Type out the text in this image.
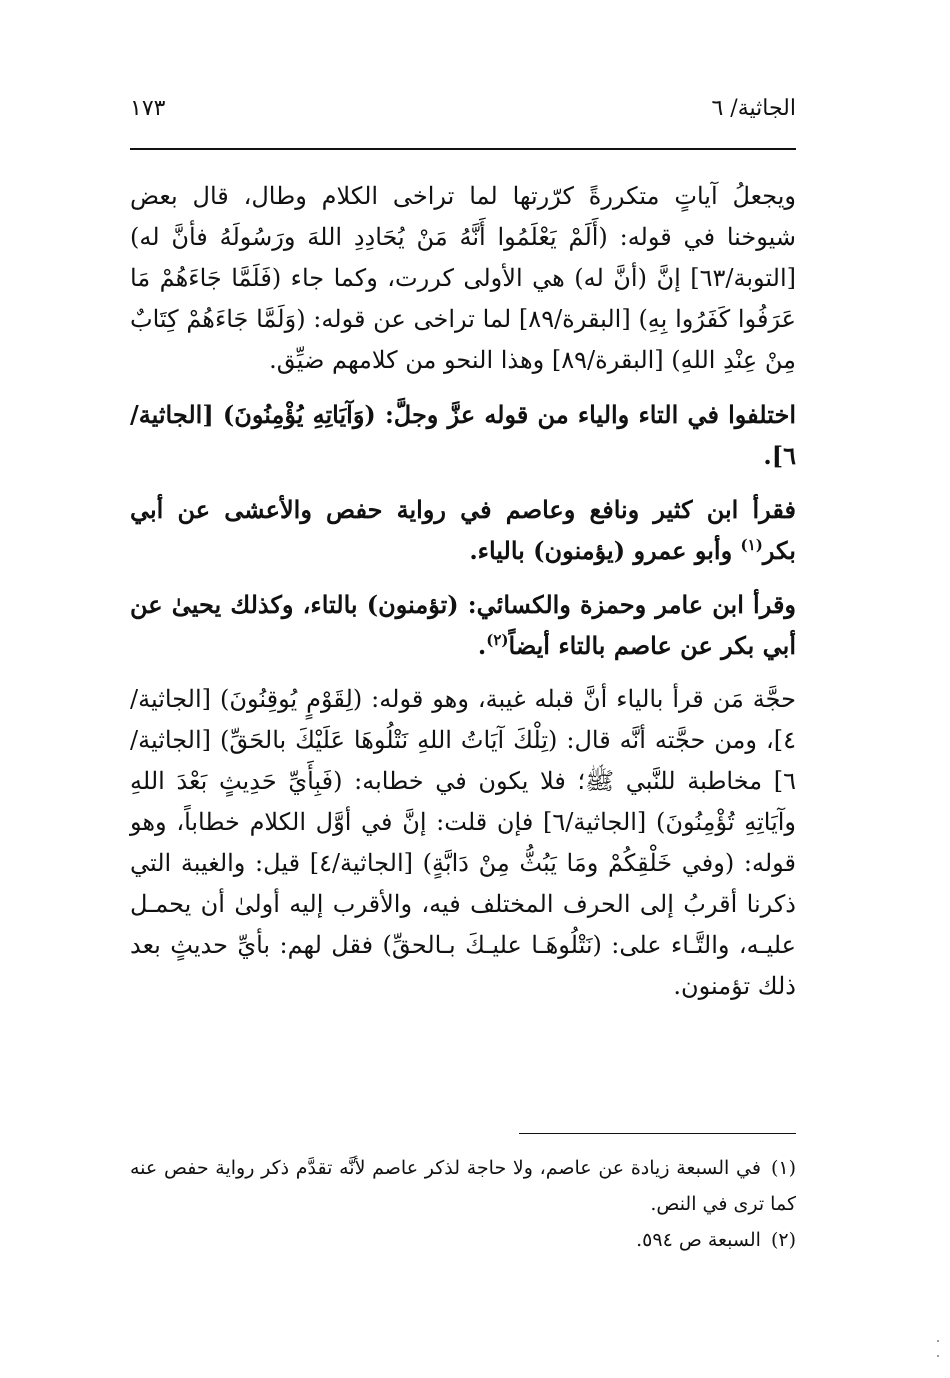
الجاثية/ ٦
١٧٣

ويجعلُ آياتٍ متكررةً كرّرتها لما تراخى الكلام وطال، قال بعض شيوخنا في قوله: (أَلَمْ يَعْلَمُوا أَنَّهُ مَنْ يُحَادِدِ اللهَ ورَسُولَهُ فأنَّ له) [التوبة/٦٣] إنَّ (أنَّ له) هي الأولى كررت، وكما جاء (فَلَمَّا جَاءَهُمْ مَا عَرَفُوا كَفَرُوا بِهِ) [البقرة/٨٩] لما تراخى عن قوله: (وَلَمَّا جَاءَهُمْ كِتَابٌ مِنْ عِنْدِ اللهِ) [البقرة/٨٩] وهذا النحو من كلامهم ضيِّق.

اختلفوا في التاء والياء من قوله عزَّ وجلَّ: (وَآيَاتِهِ يُؤْمِنُونَ) [الجاثية/٦].

فقرأ ابن كثير ونافع وعاصم في رواية حفص والأعشى عن أبي بكر$^{(١)}$ وأبو عمرو (يؤمنون) بالياء.

وقرأ ابن عامر وحمزة والكسائي: (تؤمنون) بالتاء، وكذلك يحيىٰ عن أبي بكر عن عاصم بالتاء أيضاً$^{(٢)}$.

حجَّة مَن قرأ بالياء أنَّ قبله غيبة، وهو قوله: (لِقَوْمٍ يُوقِنُونَ) [الجاثية/٤]، ومن حجَّته أنَّه قال: (تِلْكَ آيَاتُ اللهِ نَتْلُوهَا عَلَيْكَ بالحَقِّ) [الجاثية/٦] مخاطبة للنَّبي ﷺ؛ فلا يكون في خطابه: (فَبِأَيِّ حَدِيثٍ بَعْدَ اللهِ وآيَاتِهِ تُؤْمِنُونَ) [الجاثية/٦] فإن قلت: إنَّ في أوَّل الكلام خطاباً، وهو قوله: (وفي خَلْقِكُمْ ومَا يَبُثُّ مِنْ دَابَّةٍ) [الجاثية/٤] قيل: والغيبة التي ذكرنا أقربُ إلى الحرف المختلف فيه، والأقرب إليه أولىٰ أن يحمـل عليـه، والتَّـاء على: (نَتْلُوهَـا عليـكَ بـالحقِّ) فقل لهم: بأيِّ حديثٍ بعد ذلك تؤمنون.

(١)في السبعة زيادة عن عاصم، ولا حاجة لذكر عاصم لأنَّه تقدَّم ذكر رواية حفص عنه كما ترى في النص.

(٢)السبعة ص ٥٩٤.
